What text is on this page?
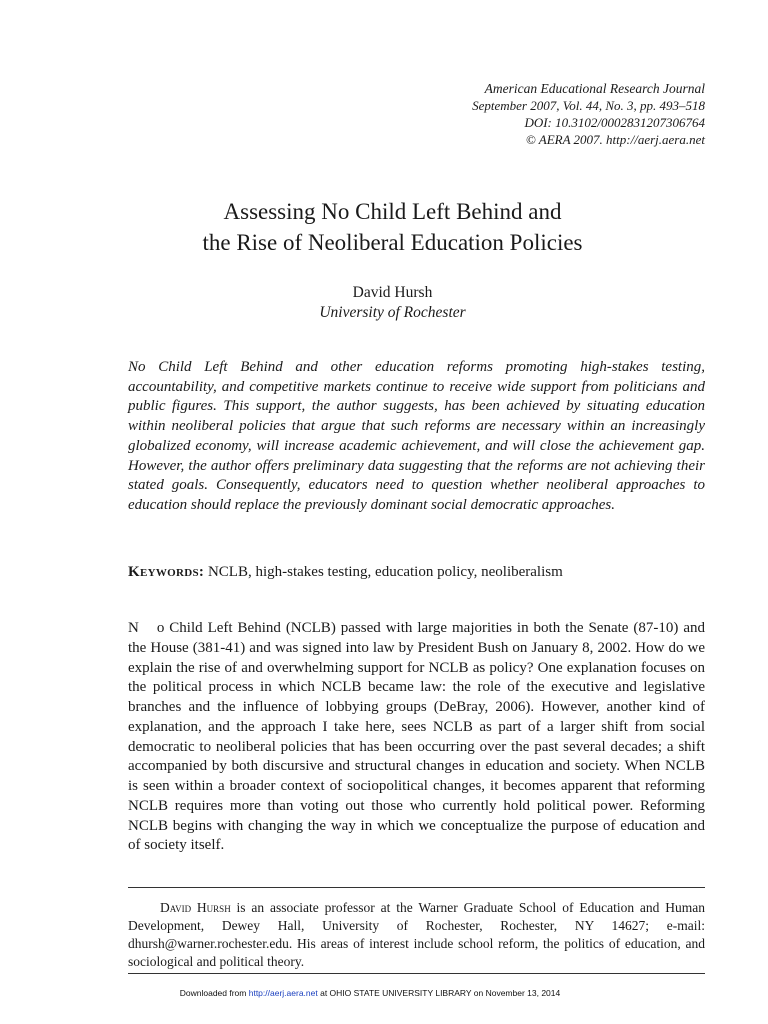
American Educational Research Journal
September 2007, Vol. 44, No. 3, pp. 493–518
DOI: 10.3102/0002831207306764
© AERA 2007. http://aerj.aera.net
Assessing No Child Left Behind and
the Rise of Neoliberal Education Policies
David Hursh
University of Rochester

No Child Left Behind and other education reforms promoting high-stakes testing, accountability, and competitive markets continue to receive wide support from politicians and public figures. This support, the author suggests, has been achieved by situating education within neoliberal policies that argue that such reforms are necessary within an increasingly globalized economy, will increase academic achievement, and will close the achievement gap. However, the author offers preliminary data suggesting that the reforms are not achieving their stated goals. Consequently, educators need to question whether neoliberal approaches to education should replace the previously dominant social democratic approaches.

Keywords: NCLB, high-stakes testing, education policy, neoliberalism

N o Child Left Behind (NCLB) passed with large majorities in both the Senate (87-10) and the House (381-41) and was signed into law by President Bush on January 8, 2002. How do we explain the rise of and overwhelming support for NCLB as policy? One explanation focuses on the political process in which NCLB became law: the role of the executive and legislative branches and the influence of lobbying groups (DeBray, 2006). However, another kind of explanation, and the approach I take here, sees NCLB as part of a larger shift from social democratic to neoliberal policies that has been occurring over the past several decades; a shift accompanied by both discursive and structural changes in education and society. When NCLB is seen within a broader context of sociopolitical changes, it becomes apparent that reforming NCLB requires more than voting out those who currently hold political power. Reforming NCLB begins with changing the way in which we conceptualize the purpose of education and of society itself.

David Hursh is an associate professor at the Warner Graduate School of Education and Human Development, Dewey Hall, University of Rochester, Rochester, NY 14627; e-mail: dhursh@warner.rochester.edu. His areas of interest include school reform, the politics of education, and sociological and political theory.

Downloaded from http://aerj.aera.net at OHIO STATE UNIVERSITY LIBRARY on November 13, 2014
